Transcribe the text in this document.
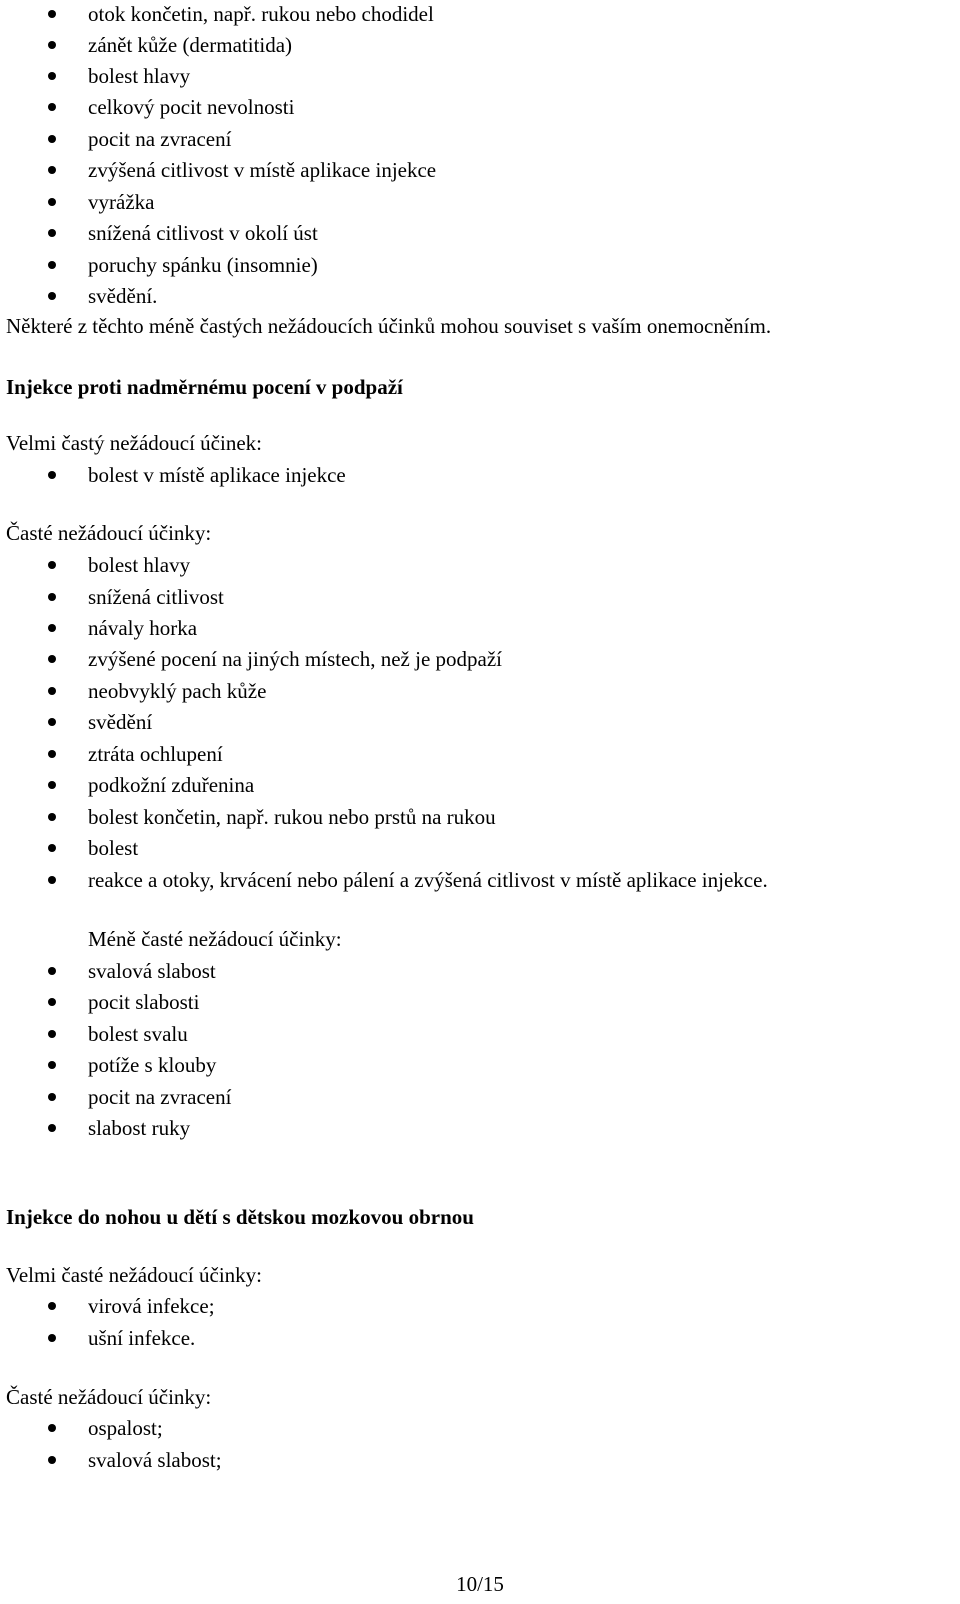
otok končetin, např. rukou nebo chodidel
zánět kůže (dermatitida)
bolest hlavy
celkový pocit nevolnosti
pocit na zvracení
zvýšená citlivost v místě aplikace injekce
vyrážka
snížená citlivost v okolí úst
poruchy spánku (insomnie)
svědění.
Některé z těchto méně častých nežádoucích účinků mohou souviset s vaším onemocněním.
Injekce proti nadměrnému pocení v podpaží
Velmi častý nežádoucí účinek:
bolest v místě aplikace injekce
Časté nežádoucí účinky:
bolest hlavy
snížená citlivost
návaly horka
zvýšené pocení na jiných místech, než je podpaží
neobvyklý pach kůže
svědění
ztráta ochlupení
podkožní zduřenina
bolest končetin, např. rukou nebo prstů na rukou
bolest
reakce a otoky, krvácení nebo pálení a zvýšená citlivost v místě aplikace injekce.
Méně časté nežádoucí účinky:
svalová slabost
pocit slabosti
bolest svalu
potíže s klouby
pocit na zvracení
slabost ruky
Injekce do nohou u dětí s dětskou mozkovou obrnou
Velmi časté nežádoucí účinky:
virová infekce;
ušní infekce.
Časté nežádoucí účinky:
ospalost;
svalová slabost;
10/15
